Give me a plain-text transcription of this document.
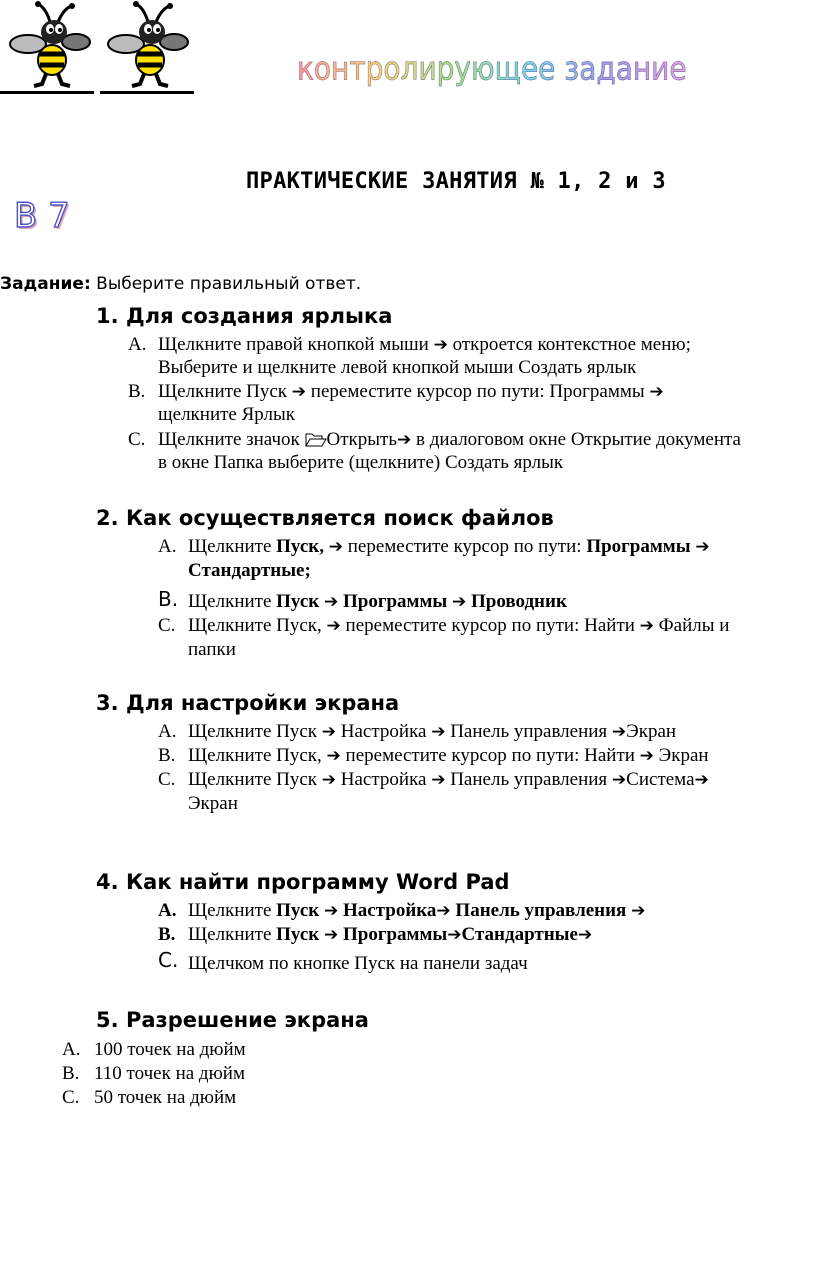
контролирующее задание
В 7
ПРАКТИЧЕСКИЕ ЗАНЯТИЯ № 1, 2 и 3
Задание: Выберите правильный ответ.
1. Для создания ярлыка
A. Щелкните правой кнопкой мыши ➔ откроется контекстное меню;
Выберите и щелкните левой кнопкой мыши Создать ярлык
B. Щелкните Пуск ➔ переместите курсор по пути: Программы ➔
щелкните Ярлык
C. Щелкните значок Открыть➔ в диалоговом окне Открытие документа
в окне Папка выберите (щелкните) Создать ярлык
2. Как осуществляется поиск файлов
A. Щелкните Пуск, ➔ переместите курсор по пути: Программы ➔
Стандартные;
B. Щелкните Пуск ➔ Программы ➔ Проводник
C. Щелкните Пуск, ➔ переместите курсор по пути: Найти ➔ Файлы и
папки
3. Для настройки экрана
A. Щелкните Пуск ➔ Настройка ➔ Панель управления ➔Экран
B. Щелкните Пуск, ➔ переместите курсор по пути: Найти ➔ Экран
C. Щелкните Пуск ➔ Настройка ➔ Панель управления ➔Система➔
Экран
4. Как найти программу Word Pad
A. Щелкните Пуск ➔ Настройка➔ Панель управления ➔
B. Щелкните Пуск ➔ Программы➔Стандартные➔
C. Щелчком по кнопке Пуск на панели задач
5. Разрешение экрана
A. 100 точек на дюйм
B. 110 точек на дюйм
C. 50 точек на дюйм
